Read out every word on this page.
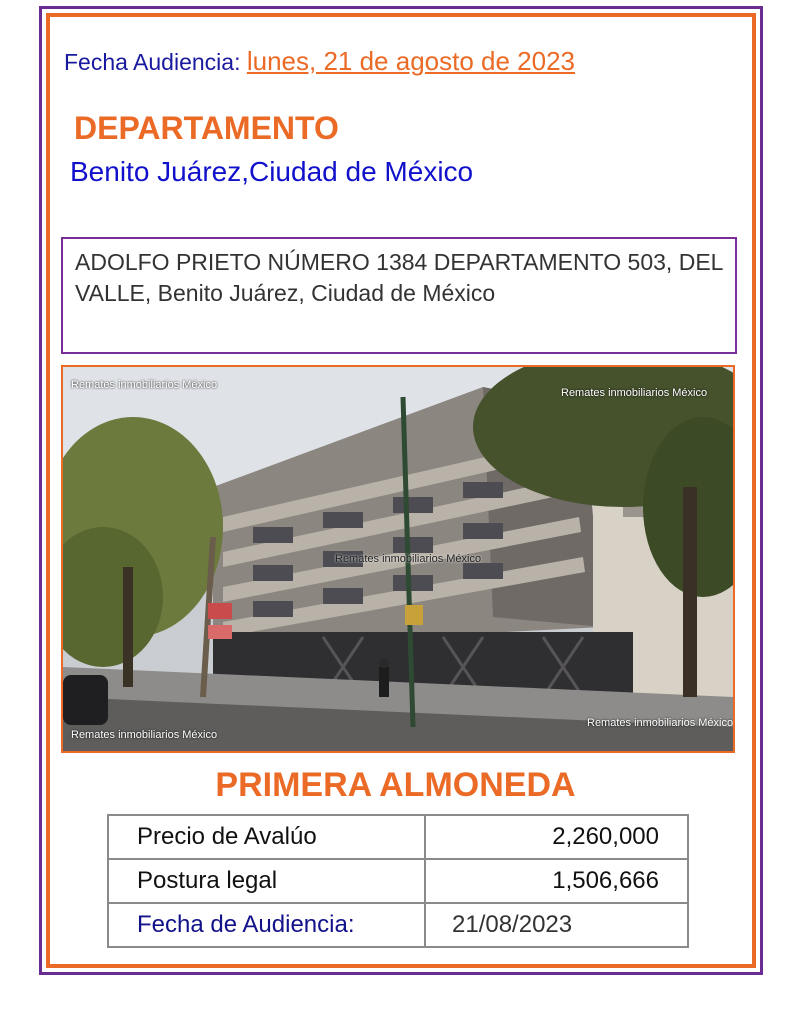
Fecha Audiencia: lunes, 21 de agosto de 2023
DEPARTAMENTO
Benito Juárez,Ciudad de México
ADOLFO PRIETO NÚMERO 1384 DEPARTAMENTO 503, DEL VALLE, Benito Juárez, Ciudad de México
Remates inmobiliarios México
Remates inmobiliarios México
Remates inmobiliarios México
Remates inmobiliarios México
Remates inmobiliarios México
PRIMERA ALMONEDA
Precio de Avalúo	2,260,000
Postura legal	1,506,666
Fecha de Audiencia:	21/08/2023
